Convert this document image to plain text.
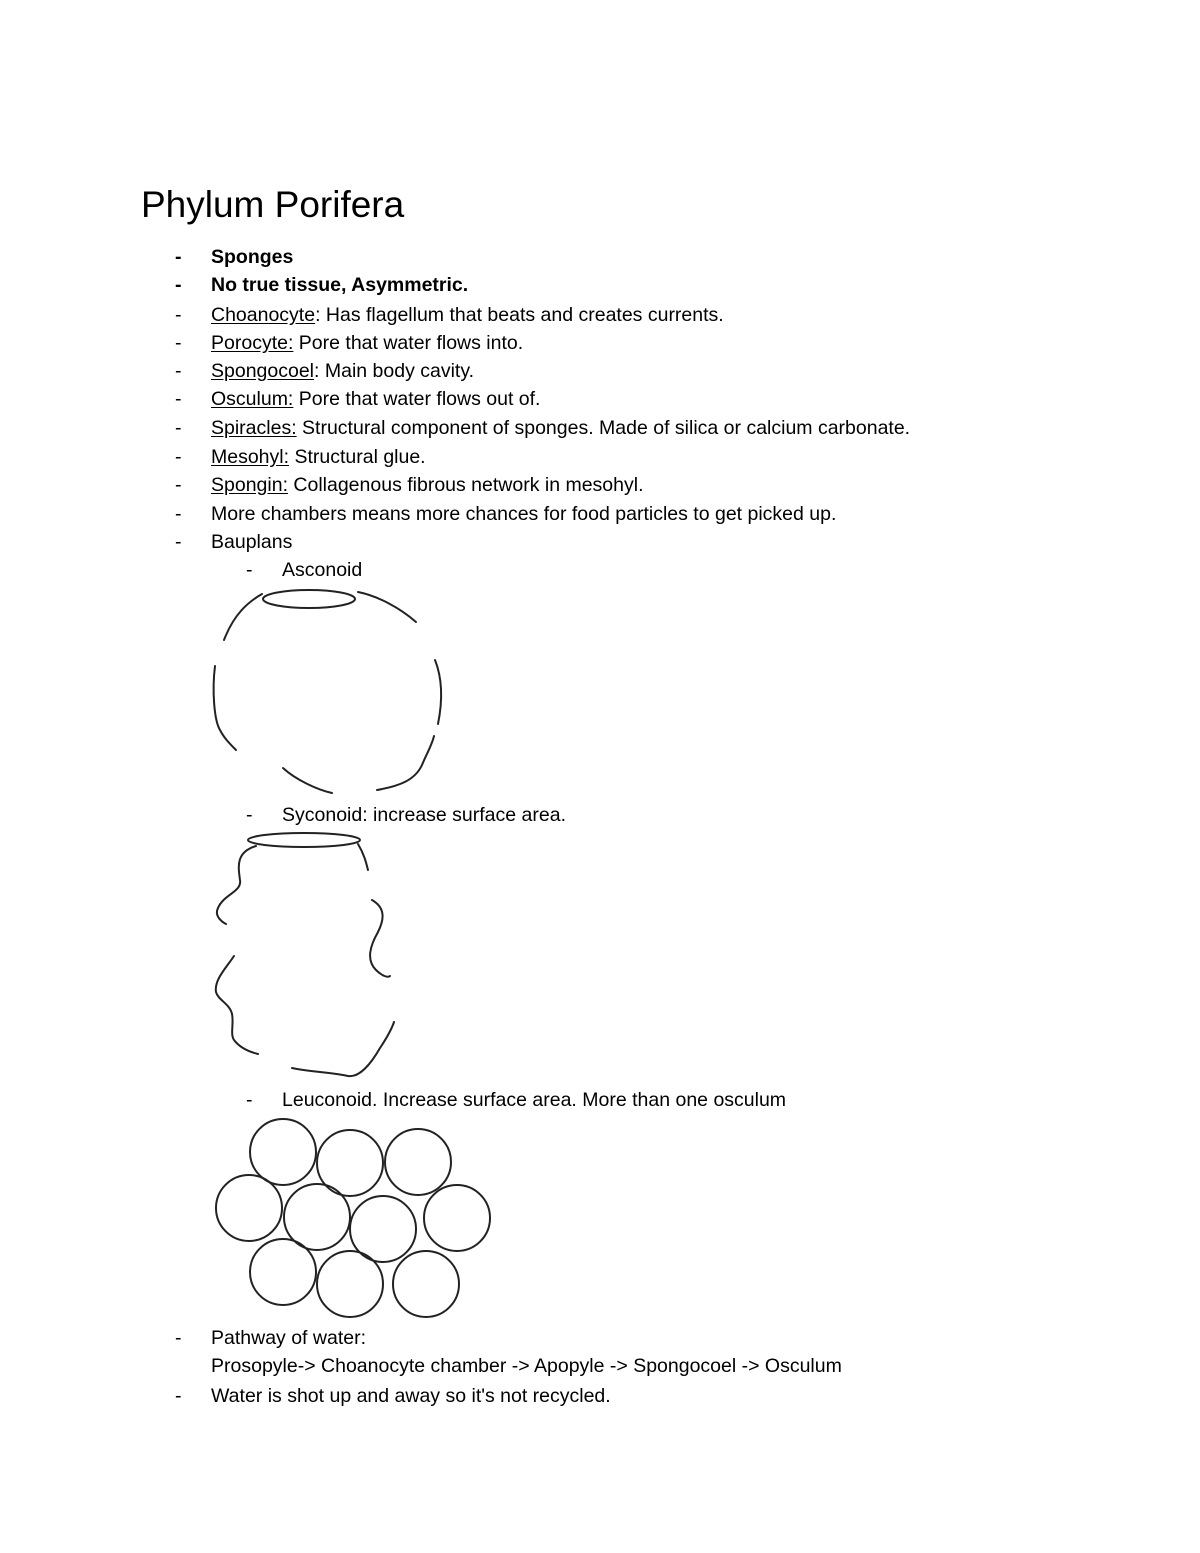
Phylum Porifera
- Sponges
- No true tissue, Asymmetric.
- Choanocyte: Has flagellum that beats and creates currents.
- Porocyte: Pore that water flows into.
- Spongocoel: Main body cavity.
- Osculum: Pore that water flows out of.
- Spiracles: Structural component of sponges. Made of silica or calcium carbonate.
- Mesohyl: Structural glue.
- Spongin: Collagenous fibrous network in mesohyl.
- More chambers means more chances for food particles to get picked up.
- Bauplans
- Asconoid
- Syconoid: increase surface area.
- Leuconoid. Increase surface area. More than one osculum
- Pathway of water:
Prosopyle-> Choanocyte chamber -> Apopyle -> Spongocoel -> Osculum
- Water is shot up and away so it's not recycled.
